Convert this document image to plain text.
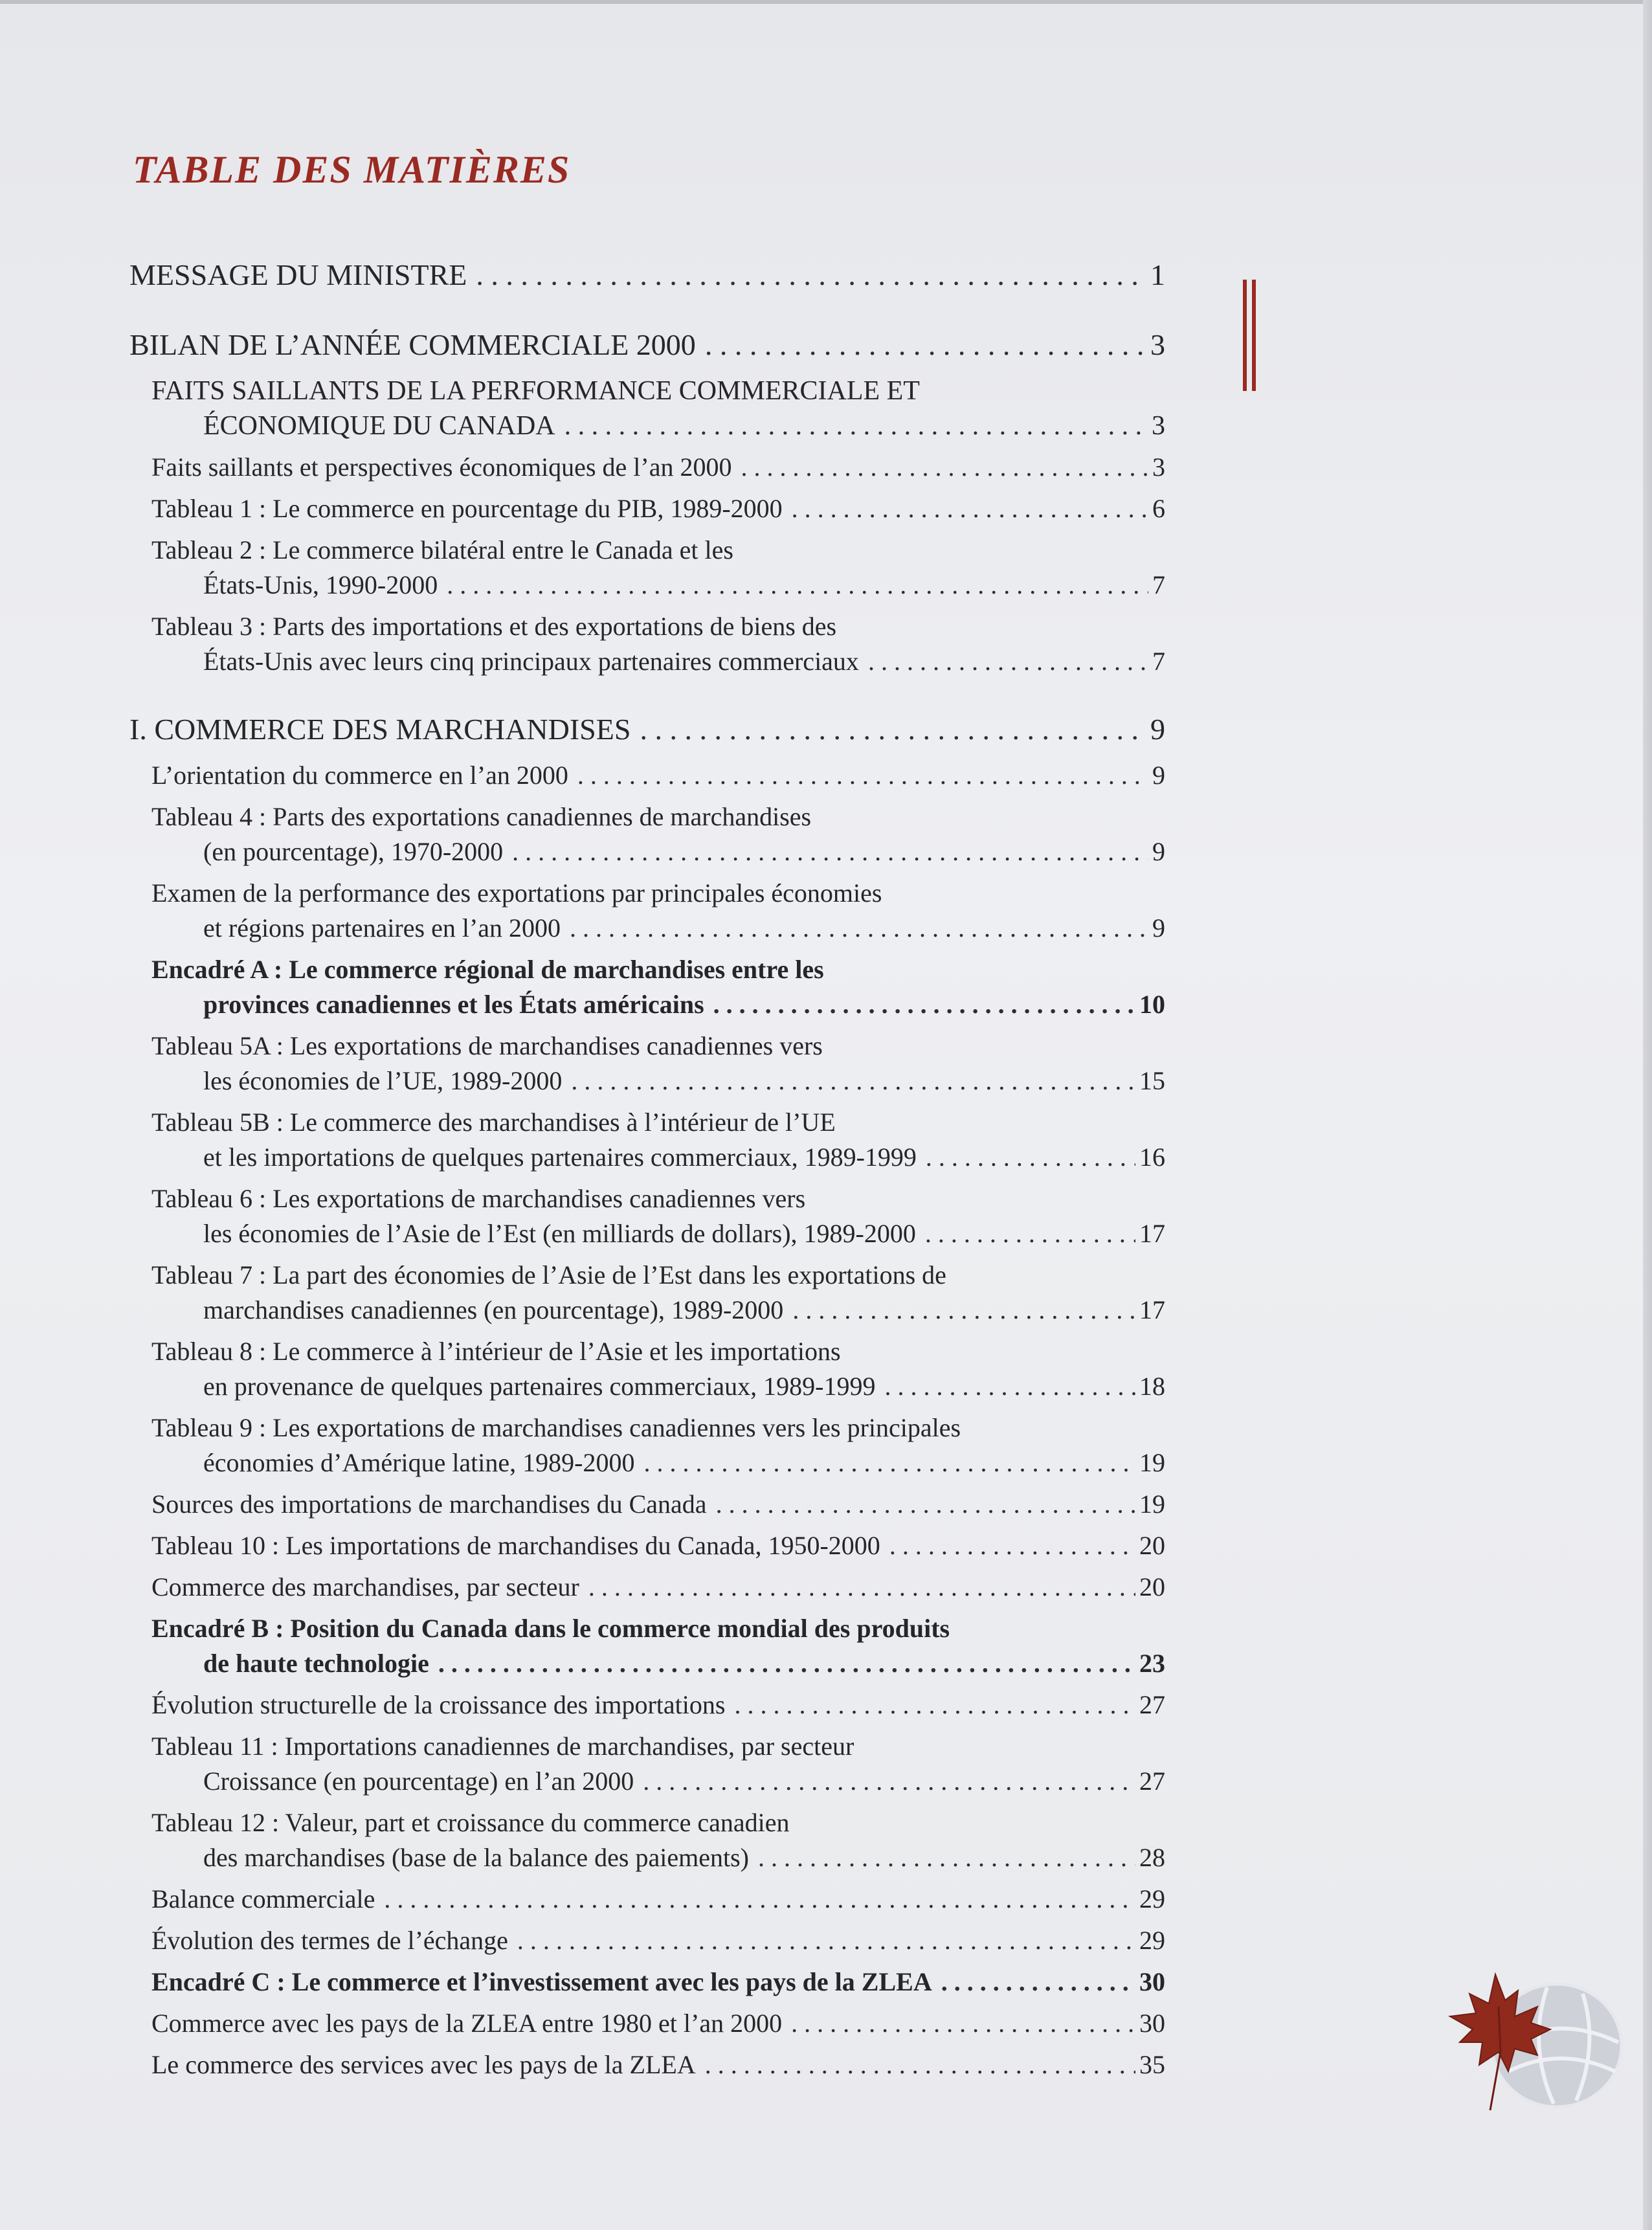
TABLE DES MATIÈRES
MESSAGE DU MINISTRE . . .	1
BILAN DE L’ANNÉE COMMERCIALE 2000 . . .	3
FAITS SAILLANTS DE LA PERFORMANCE COMMERCIALE ET
ÉCONOMIQUE DU CANADA . . .	3
Faits saillants et perspectives économiques de l’an 2000 . . .	3
Tableau 1 : Le commerce en pourcentage du PIB, 1989-2000 . . .	6
Tableau 2 : Le commerce bilatéral entre le Canada et les
États-Unis, 1990-2000 . . .	7
Tableau 3 : Parts des importations et des exportations de biens des
États-Unis avec leurs cinq principaux partenaires commerciaux . . .	7
I. COMMERCE DES MARCHANDISES . . .	9
L’orientation du commerce en l’an 2000 . . .	9
Tableau 4 : Parts des exportations canadiennes de marchandises
(en pourcentage), 1970-2000 . . .	9
Examen de la performance des exportations par principales économies
et régions partenaires en l’an 2000 . . .	9
Encadré A : Le commerce régional de marchandises entre les
provinces canadiennes et les États américains . . .	10
Tableau 5A : Les exportations de marchandises canadiennes vers
les économies de l’UE, 1989-2000 . . .	15
Tableau 5B : Le commerce des marchandises à l’intérieur de l’UE
et les importations de quelques partenaires commerciaux, 1989-1999 . . .	16
Tableau 6 : Les exportations de marchandises canadiennes vers
les économies de l’Asie de l’Est (en milliards de dollars), 1989-2000 . . .	17
Tableau 7 : La part des économies de l’Asie de l’Est dans les exportations de
marchandises canadiennes (en pourcentage), 1989-2000 . . .	17
Tableau 8 : Le commerce à l’intérieur de l’Asie et les importations
en provenance de quelques partenaires commerciaux, 1989-1999 . . .	18
Tableau 9 : Les exportations de marchandises canadiennes vers les principales
économies d’Amérique latine, 1989-2000 . . .	19
Sources des importations de marchandises du Canada . . .	19
Tableau 10 : Les importations de marchandises du Canada, 1950-2000 . . .	20
Commerce des marchandises, par secteur . . .	20
Encadré B : Position du Canada dans le commerce mondial des produits
de haute technologie . . .	23
Évolution structurelle de la croissance des importations . . .	27
Tableau 11 : Importations canadiennes de marchandises, par secteur
Croissance (en pourcentage) en l’an 2000 . . .	27
Tableau 12 : Valeur, part et croissance du commerce canadien
des marchandises (base de la balance des paiements) . . .	28
Balance commerciale . . .	29
Évolution des termes de l’échange . . .	29
Encadré C : Le commerce et l’investissement avec les pays de la ZLEA . . .	30
Commerce avec les pays de la ZLEA entre 1980 et l’an 2000 . . .	30
Le commerce des services avec les pays de la ZLEA . . .	35
